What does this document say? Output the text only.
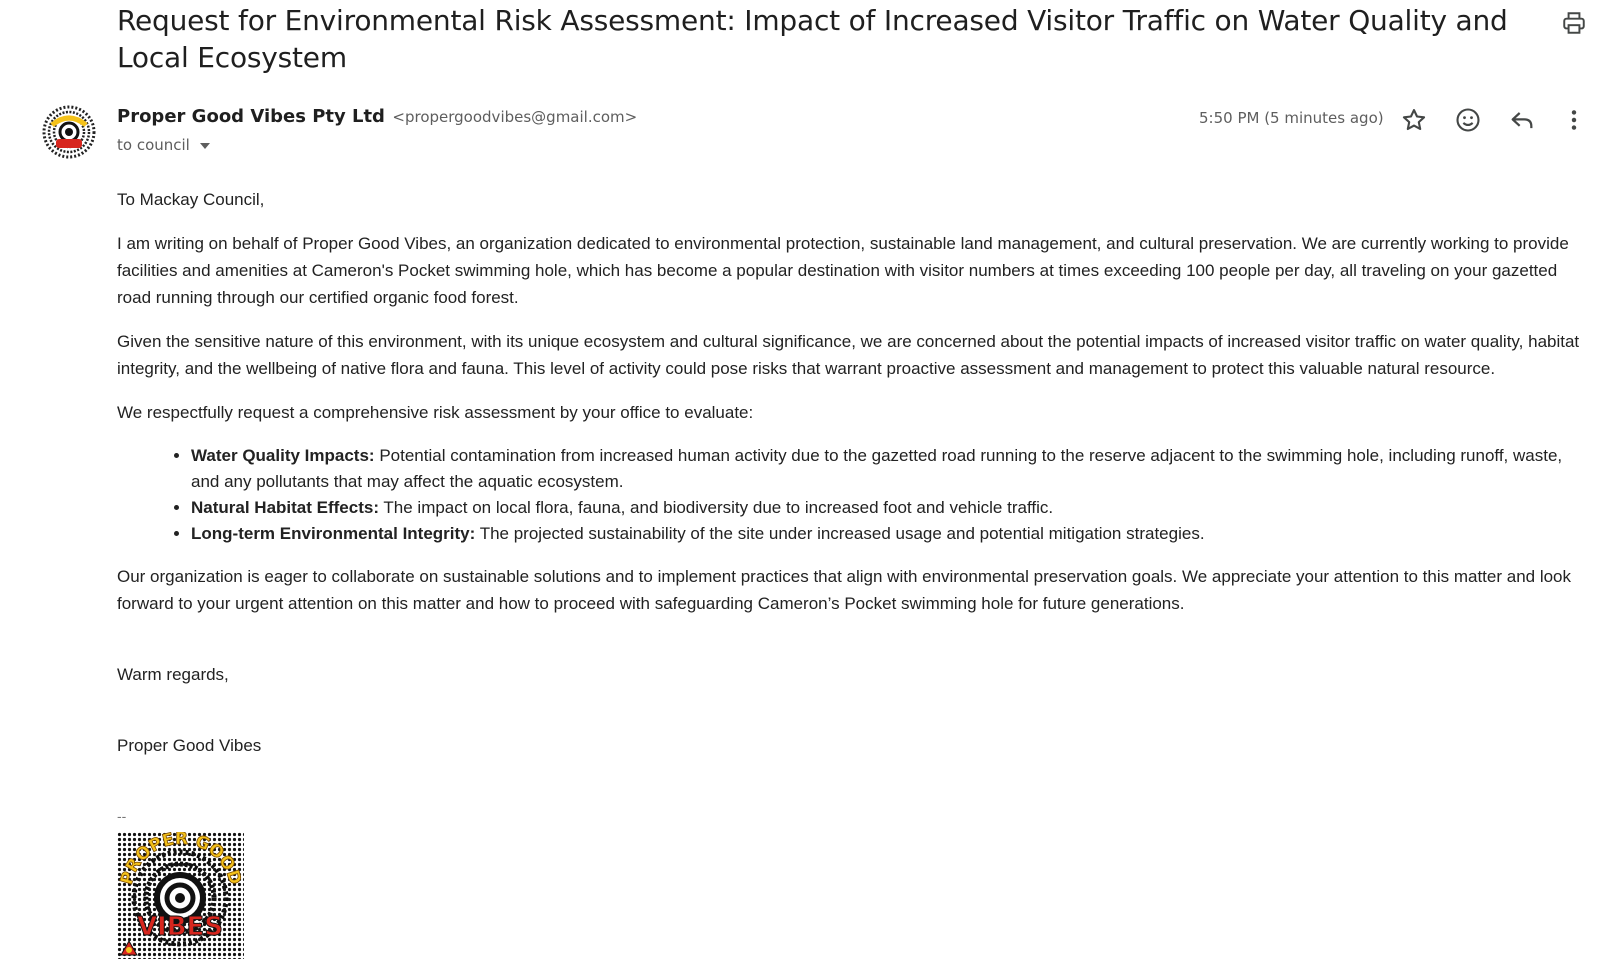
Request for Environmental Risk Assessment: Impact of Increased Visitor Traffic on Water Quality and Local Ecosystem
Proper Good Vibes Pty Ltd <propergoodvibes@gmail.com>
to council
5:50 PM (5 minutes ago)

To Mackay Council,

I am writing on behalf of Proper Good Vibes, an organization dedicated to environmental protection, sustainable land management, and cultural preservation. We are currently working to provide facilities and amenities at Cameron's Pocket swimming hole, which has become a popular destination with visitor numbers at times exceeding 100 people per day, all traveling on your gazetted road running through our certified organic food forest.

Given the sensitive nature of this environment, with its unique ecosystem and cultural significance, we are concerned about the potential impacts of increased visitor traffic on water quality, habitat integrity, and the wellbeing of native flora and fauna. This level of activity could pose risks that warrant proactive assessment and management to protect this valuable natural resource.

We respectfully request a comprehensive risk assessment by your office to evaluate:

• Water Quality Impacts: Potential contamination from increased human activity due to the gazetted road running to the reserve adjacent to the swimming hole, including runoff, waste, and any pollutants that may affect the aquatic ecosystem.
• Natural Habitat Effects: The impact on local flora, fauna, and biodiversity due to increased foot and vehicle traffic.
• Long-term Environmental Integrity: The projected sustainability of the site under increased usage and potential mitigation strategies.

Our organization is eager to collaborate on sustainable solutions and to implement practices that align with environmental preservation goals. We appreciate your attention to this matter and look forward to your urgent attention on this matter and how to proceed with safeguarding Cameron’s Pocket swimming hole for future generations.

Warm regards,

Proper Good Vibes

--
PROPER GOOD
VIBES
